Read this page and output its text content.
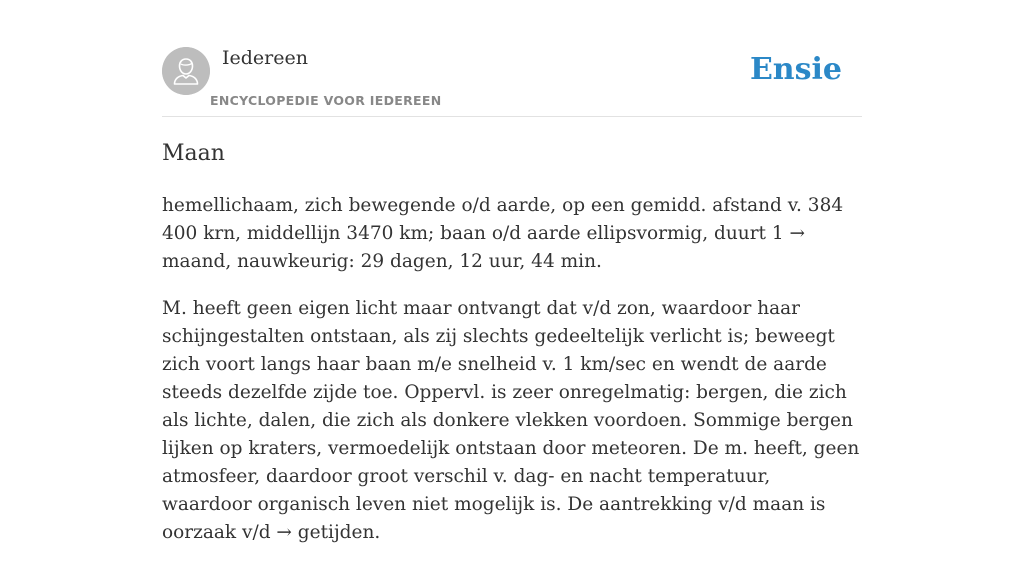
Iedereen
ENCYCLOPEDIE VOOR IEDEREEN
Ensie
Maan

hemellichaam, zich bewegende o/d aarde, op een gemidd. afstand v. 384 400 krn, middellijn 3470 km; baan o/d aarde ellipsvormig, duurt 1 → maand, nauwkeurig: 29 dagen, 12 uur, 44 min.

M. heeft geen eigen licht maar ontvangt dat v/d zon, waardoor haar schijngestalten ontstaan, als zij slechts gedeeltelijk verlicht is; beweegt zich voort langs haar baan m/e snelheid v. 1 km/sec en wendt de aarde steeds dezelfde zijde toe. Oppervl. is zeer onregelmatig: bergen, die zich als lichte, dalen, die zich als donkere vlekken voordoen. Sommige bergen lijken op kraters, vermoedelijk ontstaan door meteoren. De m. heeft, geen atmosfeer, daardoor groot verschil v. dag- en nacht temperatuur, waardoor organisch leven niet mogelijk is. De aantrekking v/d maan is oorzaak v/d → getijden.
